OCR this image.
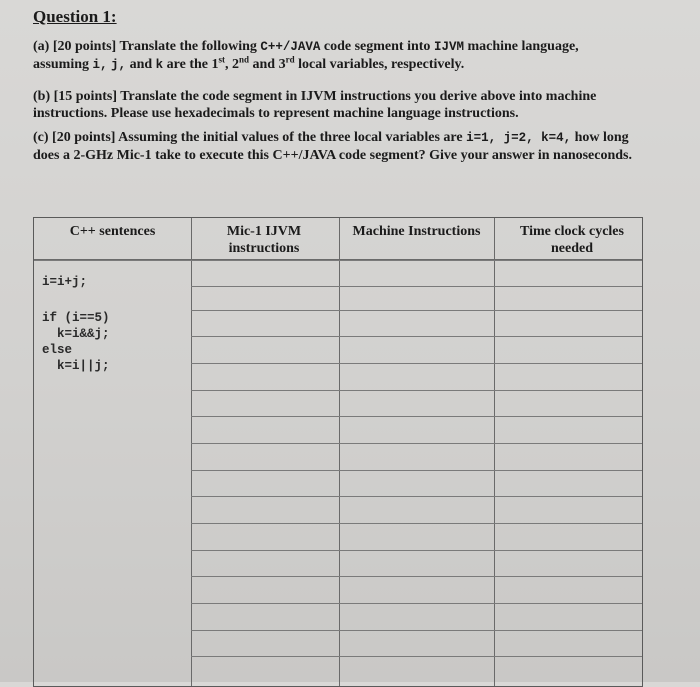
Question 1:
(a) [20 points] Translate the following C++/JAVA code segment into IJVM machine language,
assuming i, j, and k are the 1st, 2nd and 3rd local variables, respectively.
(b) [15 points] Translate the code segment in IJVM instructions you derive above into machine instructions. Please use hexadecimals to represent machine language instructions.
(c) [20 points] Assuming the initial values of the three local variables are i=1, j=2, k=4, how long does a 2-GHz Mic-1 take to execute this C++/JAVA code segment? Give your answer in nanoseconds.
C++ sentences	Mic-1 IJVM instructions
Machine Instructions	Time clock cycles needed
i=i+j;
if (i==5)
k=i&&j;
else
k=i||j;
